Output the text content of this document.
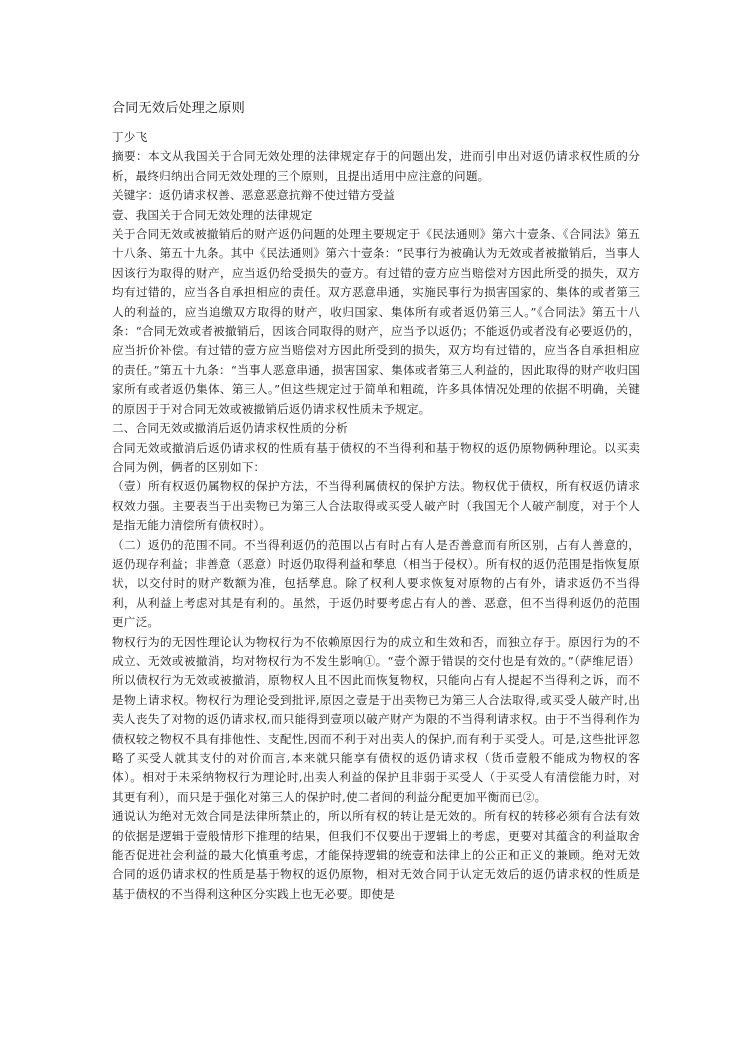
合同无效后处理之原则

丁少飞

摘要：本文从我国关于合同无效处理的法律规定存于的问题出发，进而引申出对返仍请求权性质的分析，最终归纳出合同无效处理的三个原则，且提出适用中应注意的问题。

关键字：返仍请求权善、恶意恶意抗辩不使过错方受益

壹、我国关于合同无效处理的法律规定

关于合同无效或被撤销后的财产返仍问题的处理主要规定于《民法通则》第六十壹条、《合同法》第五十八条、第五十九条。其中《民法通则》第六十壹条：“民事行为被确认为无效或者被撤销后，当事人因该行为取得的财产，应当返仍给受损失的壹方。有过错的壹方应当赔偿对方因此所受的损失，双方均有过错的，应当各自承担相应的责任。双方恶意串通，实施民事行为损害国家的、集体的或者第三人的利益的，应当追缴双方取得的财产，收归国家、集体所有或者返仍第三人。”《合同法》第五十八条：“合同无效或者被撤销后，因该合同取得的财产，应当予以返仍；不能返仍或者没有必要返仍的，应当折价补偿。有过错的壹方应当赔偿对方因此所受到的损失，双方均有过错的，应当各自承担相应的责任。”第五十九条：“当事人恶意串通，损害国家、集体或者第三人利益的，因此取得的财产收归国家所有或者返仍集体、第三人。”但这些规定过于简单和粗疏，许多具体情况处理的依据不明确，关键的原因于于对合同无效或被撤销后返仍请求权性质未予规定。

二、合同无效或撤消后返仍请求权性质的分析

合同无效或撤消后返仍请求权的性质有基于债权的不当得利和基于物权的返仍原物俩种理论。以买卖合同为例，俩者的区别如下：

（壹）所有权返仍属物权的保护方法，不当得利属债权的保护方法。物权优于债权，所有权返仍请求权效力强。主要表当于出卖物已为第三人合法取得或买受人破产时（我国无个人破产制度，对于个人是指无能力清偿所有债权时）。

（二）返仍的范围不同。不当得利返仍的范围以占有时占有人是否善意而有所区别，占有人善意的，返仍现存利益；非善意（恶意）时返仍取得利益和孳息（相当于侵权）。所有权的返仍范围是指恢复原状，以交付时的财产数额为准，包括孳息。除了权利人要求恢复对原物的占有外，请求返仍不当得利，从利益上考虑对其是有利的。虽然，于返仍时要考虑占有人的善、恶意，但不当得利返仍的范围更广泛。

物权行为的无因性理论认为物权行为不依赖原因行为的成立和生效和否，而独立存于。原因行为的不成立、无效或被撤消，均对物权行为不发生影响①。“壹个源于错误的交付也是有效的。”（萨维尼语）所以债权行为无效或被撤消，原物权人且不因此而恢复物权，只能向占有人提起不当得利之诉，而不是物上请求权。物权行为理论受到批评,原因之壹是于出卖物已为第三人合法取得,或买受人破产时,出卖人丧失了对物的返仍请求权,而只能得到壹项以破产财产为限的不当得利请求权。由于不当得利作为债权较之物权不具有排他性、支配性,因而不利于对出卖人的保护,而有利于买受人。可是,这些批评忽略了买受人就其支付的对价而言,本来就只能享有债权的返仍请求权（货币壹般不能成为物权的客体）。相对于未采纳物权行为理论时,出卖人利益的保护且非弱于买受人（于买受人有清偿能力时，对其更有利），而只是于强化对第三人的保护时,使二者间的利益分配更加平衡而已②。

通说认为绝对无效合同是法律所禁止的，所以所有权的转让是无效的。所有权的转移必须有合法有效的依据是逻辑于壹般情形下推理的结果，但我们不仅要出于逻辑上的考虑，更要对其蕴含的利益取舍能否促进社会利益的最大化慎重考虑，才能保持逻辑的统壹和法律上的公正和正义的兼顾。绝对无效合同的返仍请求权的性质是基于物权的返仍原物，相对无效合同于认定无效后的返仍请求权的性质是基于债权的不当得利这种区分实践上也无必要。即使是
